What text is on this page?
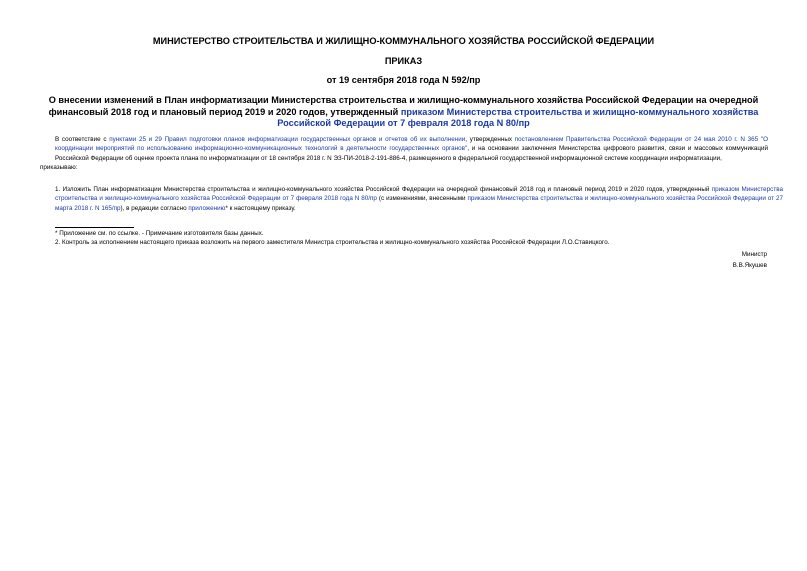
МИНИСТЕРСТВО СТРОИТЕЛЬСТВА И ЖИЛИЩНО-КОММУНАЛЬНОГО ХОЗЯЙСТВА РОССИЙСКОЙ ФЕДЕРАЦИИ
ПРИКАЗ
от 19 сентября 2018 года N 592/пр
О внесении изменений в План информатизации Министерства строительства и жилищно-коммунального хозяйства Российской Федерации на очередной финансовый 2018 год и плановый период 2019 и 2020 годов, утвержденный приказом Министерства строительства и жилищно-коммунального хозяйства Российской Федерации от 7 февраля 2018 года N 80/пр
В соответствие с пунктами 25 и 29 Правил подготовки планов информатизации государственных органов и отчетов об их выполнении, утвержденных постановлением Правительства Российской Федерации от 24 мая 2010 г. N 365 "О координации мероприятий по использованию информационно-коммуникационных технологий в деятельности государственных органов", и на основании заключения Министерства цифрового развития, связи и массовых коммуникаций Российской Федерации об оценке проекта плана по информатизации от 18 сентября 2018 г. N ЭЗ-ПИ-2018-2-191-886-4, размещенного в федеральной государственной информационной системе координации информатизации,
приказываю:
1. Изложить План информатизации Министерства строительства и жилищно-коммунального хозяйства Российской Федерации на очередной финансовый 2018 год и плановый период 2019 и 2020 годов, утвержденный приказом Министерства строительства и жилищно-коммунального хозяйства Российской Федерации от 7 февраля 2018 года N 80/пр (с изменениями, внесенными приказом Министерства строительства и жилищно-коммунального хозяйства Российской Федерации от 27 марта 2018 г. N 165/пр), в редакции согласно приложению* к настоящему приказу.
* Приложение см. по ссылке. - Примечание изготовителя базы данных.
2. Контроль за исполнением настоящего приказа возложить на первого заместителя Министра строительства и жилищно-коммунального хозяйства Российской Федерации Л.О.Ставицкого.
Министр
В.В.Якушев
